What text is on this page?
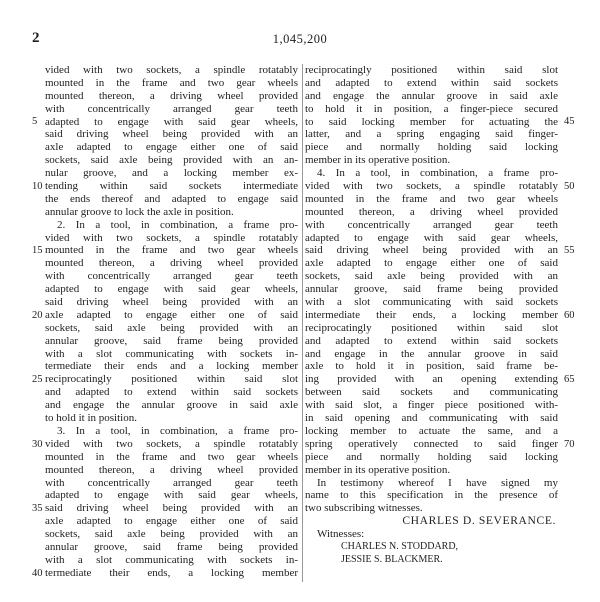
2	1,045,200
vided with two sockets, a spindle rotatably
mounted in the frame and two gear wheels
mounted thereon, a driving wheel provided
with concentrically arranged gear teeth
adapted to engage with said gear wheels,
said driving wheel being provided with an
axle adapted to engage either one of said
sockets, said axle being provided with an an-
nular groove, and a locking member ex-
tending within said sockets intermediate
the ends thereof and adapted to engage said
annular groove to lock the axle in position.
2. In a tool, in combination, a frame pro-
vided with two sockets, a spindle rotatably
mounted in the frame and two gear wheels
mounted thereon, a driving wheel provided
with concentrically arranged gear teeth
adapted to engage with said gear wheels,
said driving wheel being provided with an
axle adapted to engage either one of said
sockets, said axle being provided with an
annular groove, said frame being provided
with a slot communicating with sockets in-
termediate their ends and a locking member
reciprocatingly positioned within said slot
and adapted to extend within said sockets
and engage the annular groove in said axle
to hold it in position.
3. In a tool, in combination, a frame pro-
vided with two sockets, a spindle rotatably
mounted in the frame and two gear wheels
mounted thereon, a driving wheel provided
with concentrically arranged gear teeth
adapted to engage with said gear wheels,
said driving wheel being provided with an
axle adapted to engage either one of said
sockets, said axle being provided with an
annular groove, said frame being provided
with a slot communicating with sockets in-
termediate their ends, a locking member
reciprocatingly positioned within said slot
and adapted to extend within said sockets
and engage the annular groove in said axle
to hold it in position, a finger-piece secured
to said locking member for actuating the
latter, and a spring engaging said finger-
piece and normally holding said locking
member in its operative position.
4. In a tool, in combination, a frame pro-
vided with two sockets, a spindle rotatably
mounted in the frame and two gear wheels
mounted thereon, a driving wheel provided
with concentrically arranged gear teeth
adapted to engage with said gear wheels,
said driving wheel being provided with an
axle adapted to engage either one of said
sockets, said axle being provided with an
annular groove, said frame being provided
with a slot communicating with said sockets
intermediate their ends, a locking member
reciprocatingly positioned within said slot
and adapted to extend within said sockets
and engage in the annular groove in said
axle to hold it in position, said frame be-
ing provided with an opening extending
between said sockets and communicating
with said slot, a finger piece positioned with-
in said opening and communicating with said
locking member to actuate the same, and a
spring operatively connected to said finger
piece and normally holding said locking
member in its operative position.
In testimony whereof I have signed my
name to this specification in the presence of
two subscribing witnesses.
CHARLES D. SEVERANCE.
Witnesses:
CHARLES N. STODDARD,
JESSIE S. BLACKMER.
5
10
15
20
25
30
35
40
45
50
55
60
65
70
